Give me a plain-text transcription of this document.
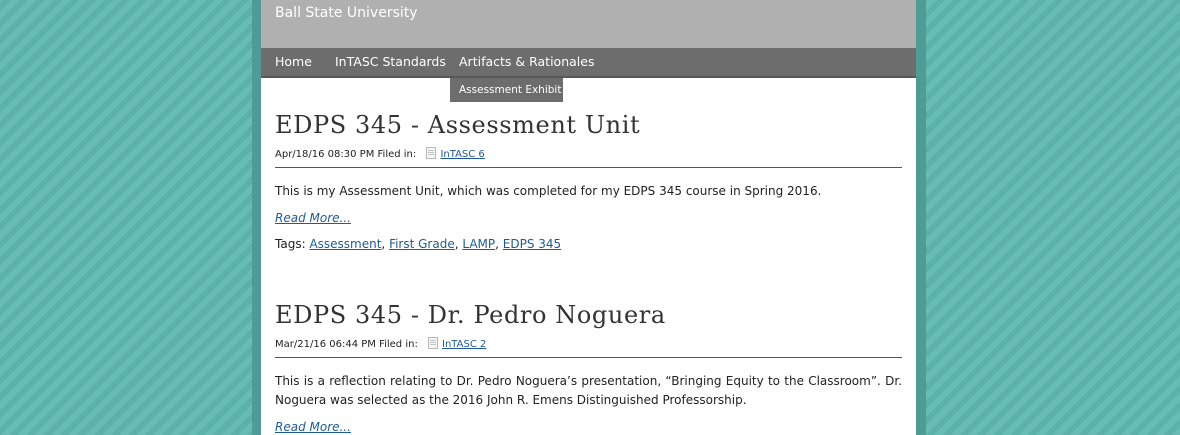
Ball State University
Home InTASC Standards Artifacts & Rationales
Assessment Exhibit
EDPS 345 - Assessment Unit
Apr/18/16 08:30 PM Filed in: InTASC 6

This is my Assessment Unit, which was completed for my EDPS 345 course in Spring 2016.

Read More...
Tags: Assessment, First Grade, LAMP, EDPS 345
EDPS 345 - Dr. Pedro Noguera
Mar/21/16 06:44 PM Filed in: InTASC 2

This is a reflection relating to Dr. Pedro Noguera’s presentation, “Bringing Equity to the Classroom”. Dr. Noguera was selected as the 2016 John R. Emens Distinguished Professorship.

Read More...
